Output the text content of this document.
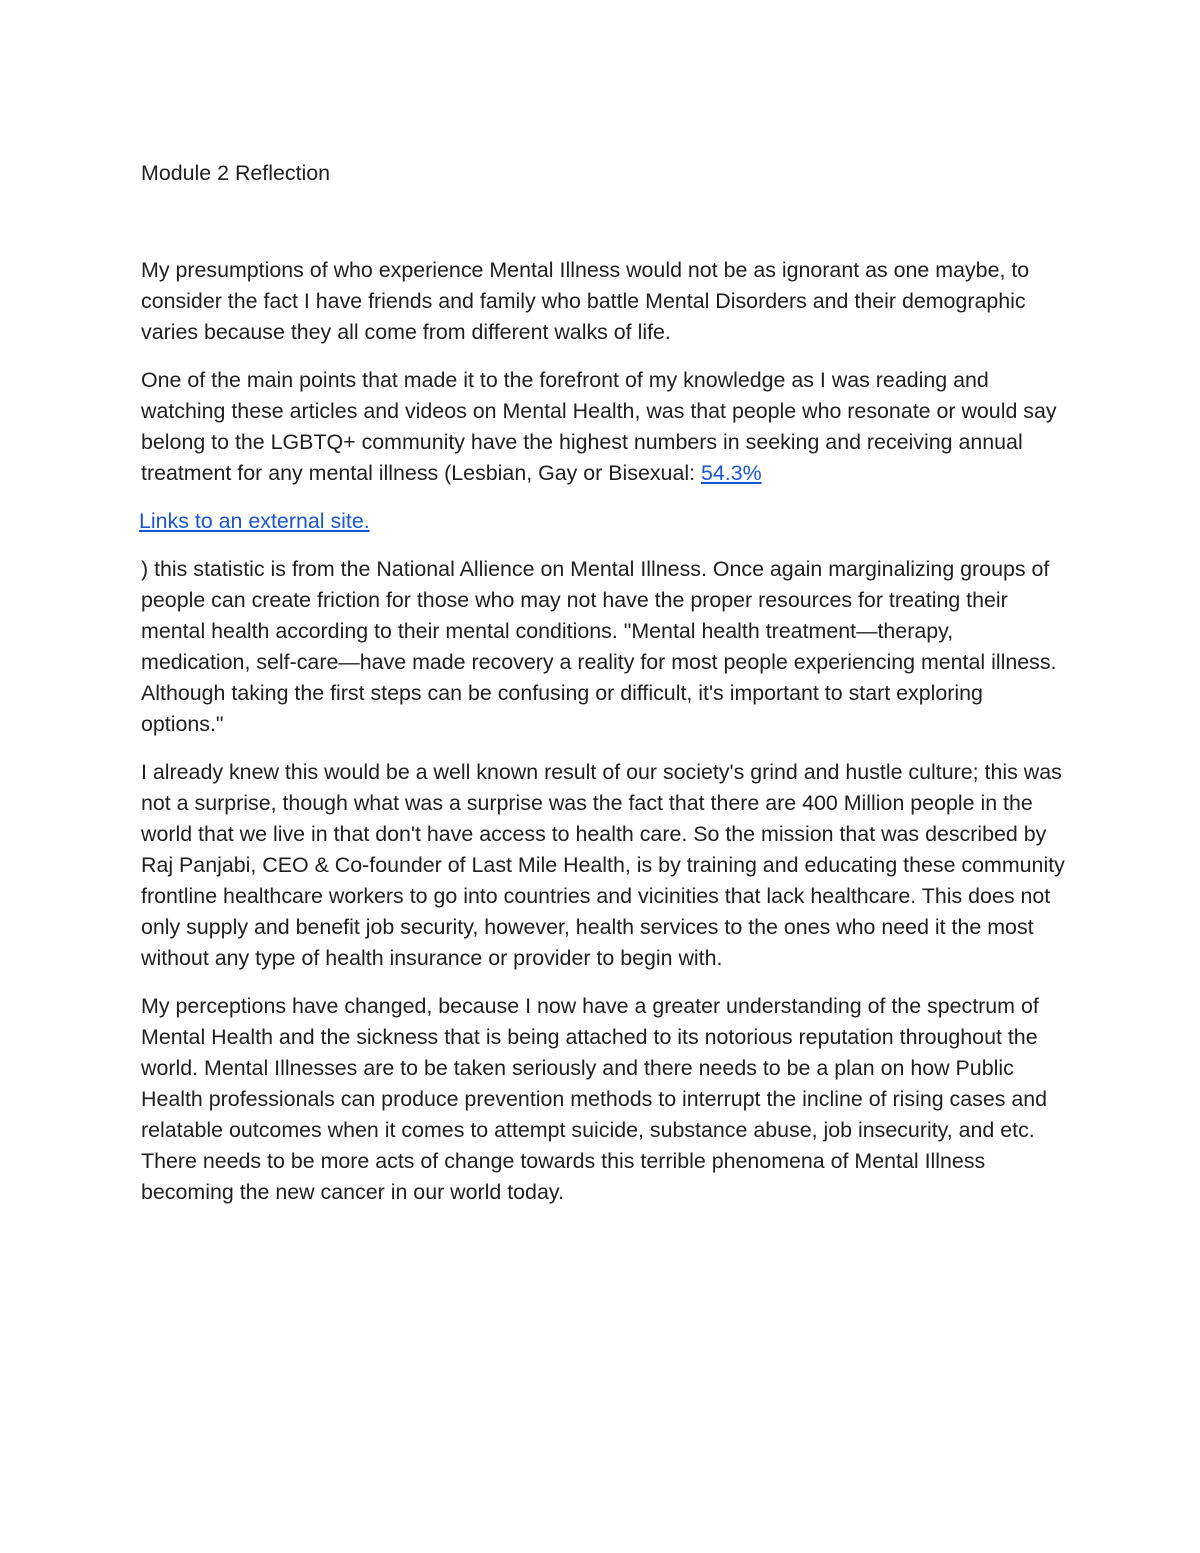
Module 2 Reflection

My presumptions of who experience Mental Illness would not be as ignorant as one maybe, to consider the fact I have friends and family who battle Mental Disorders and their demographic varies because they all come from different walks of life.

One of the main points that made it to the forefront of my knowledge as I was reading and watching these articles and videos on Mental Health, was that people who resonate or would say belong to the LGBTQ+ community have the highest numbers in seeking and receiving annual treatment for any mental illness (Lesbian, Gay or Bisexual: 54.3%

Links to an external site.

) this statistic is from the National Allience on Mental Illness. Once again marginalizing groups of people can create friction for those who may not have the proper resources for treating their mental health according to their mental conditions. "Mental health treatment—therapy, medication, self-care—have made recovery a reality for most people experiencing mental illness. Although taking the first steps can be confusing or difficult, it's important to start exploring options."

I already knew this would be a well known result of our society's grind and hustle culture; this was not a surprise, though what was a surprise was the fact that there are 400 Million people in the world that we live in that don't have access to health care. So the mission that was described by Raj Panjabi, CEO & Co-founder of Last Mile Health, is by training and educating these community frontline healthcare workers to go into countries and vicinities that lack healthcare. This does not only supply and benefit job security, however, health services to the ones who need it the most without any type of health insurance or provider to begin with.

My perceptions have changed, because I now have a greater understanding of the spectrum of Mental Health and the sickness that is being attached to its notorious reputation throughout the world. Mental Illnesses are to be taken seriously and there needs to be a plan on how Public Health professionals can produce prevention methods to interrupt the incline of rising cases and relatable outcomes when it comes to attempt suicide, substance abuse, job insecurity, and etc. There needs to be more acts of change towards this terrible phenomena of Mental Illness becoming the new cancer in our world today.
